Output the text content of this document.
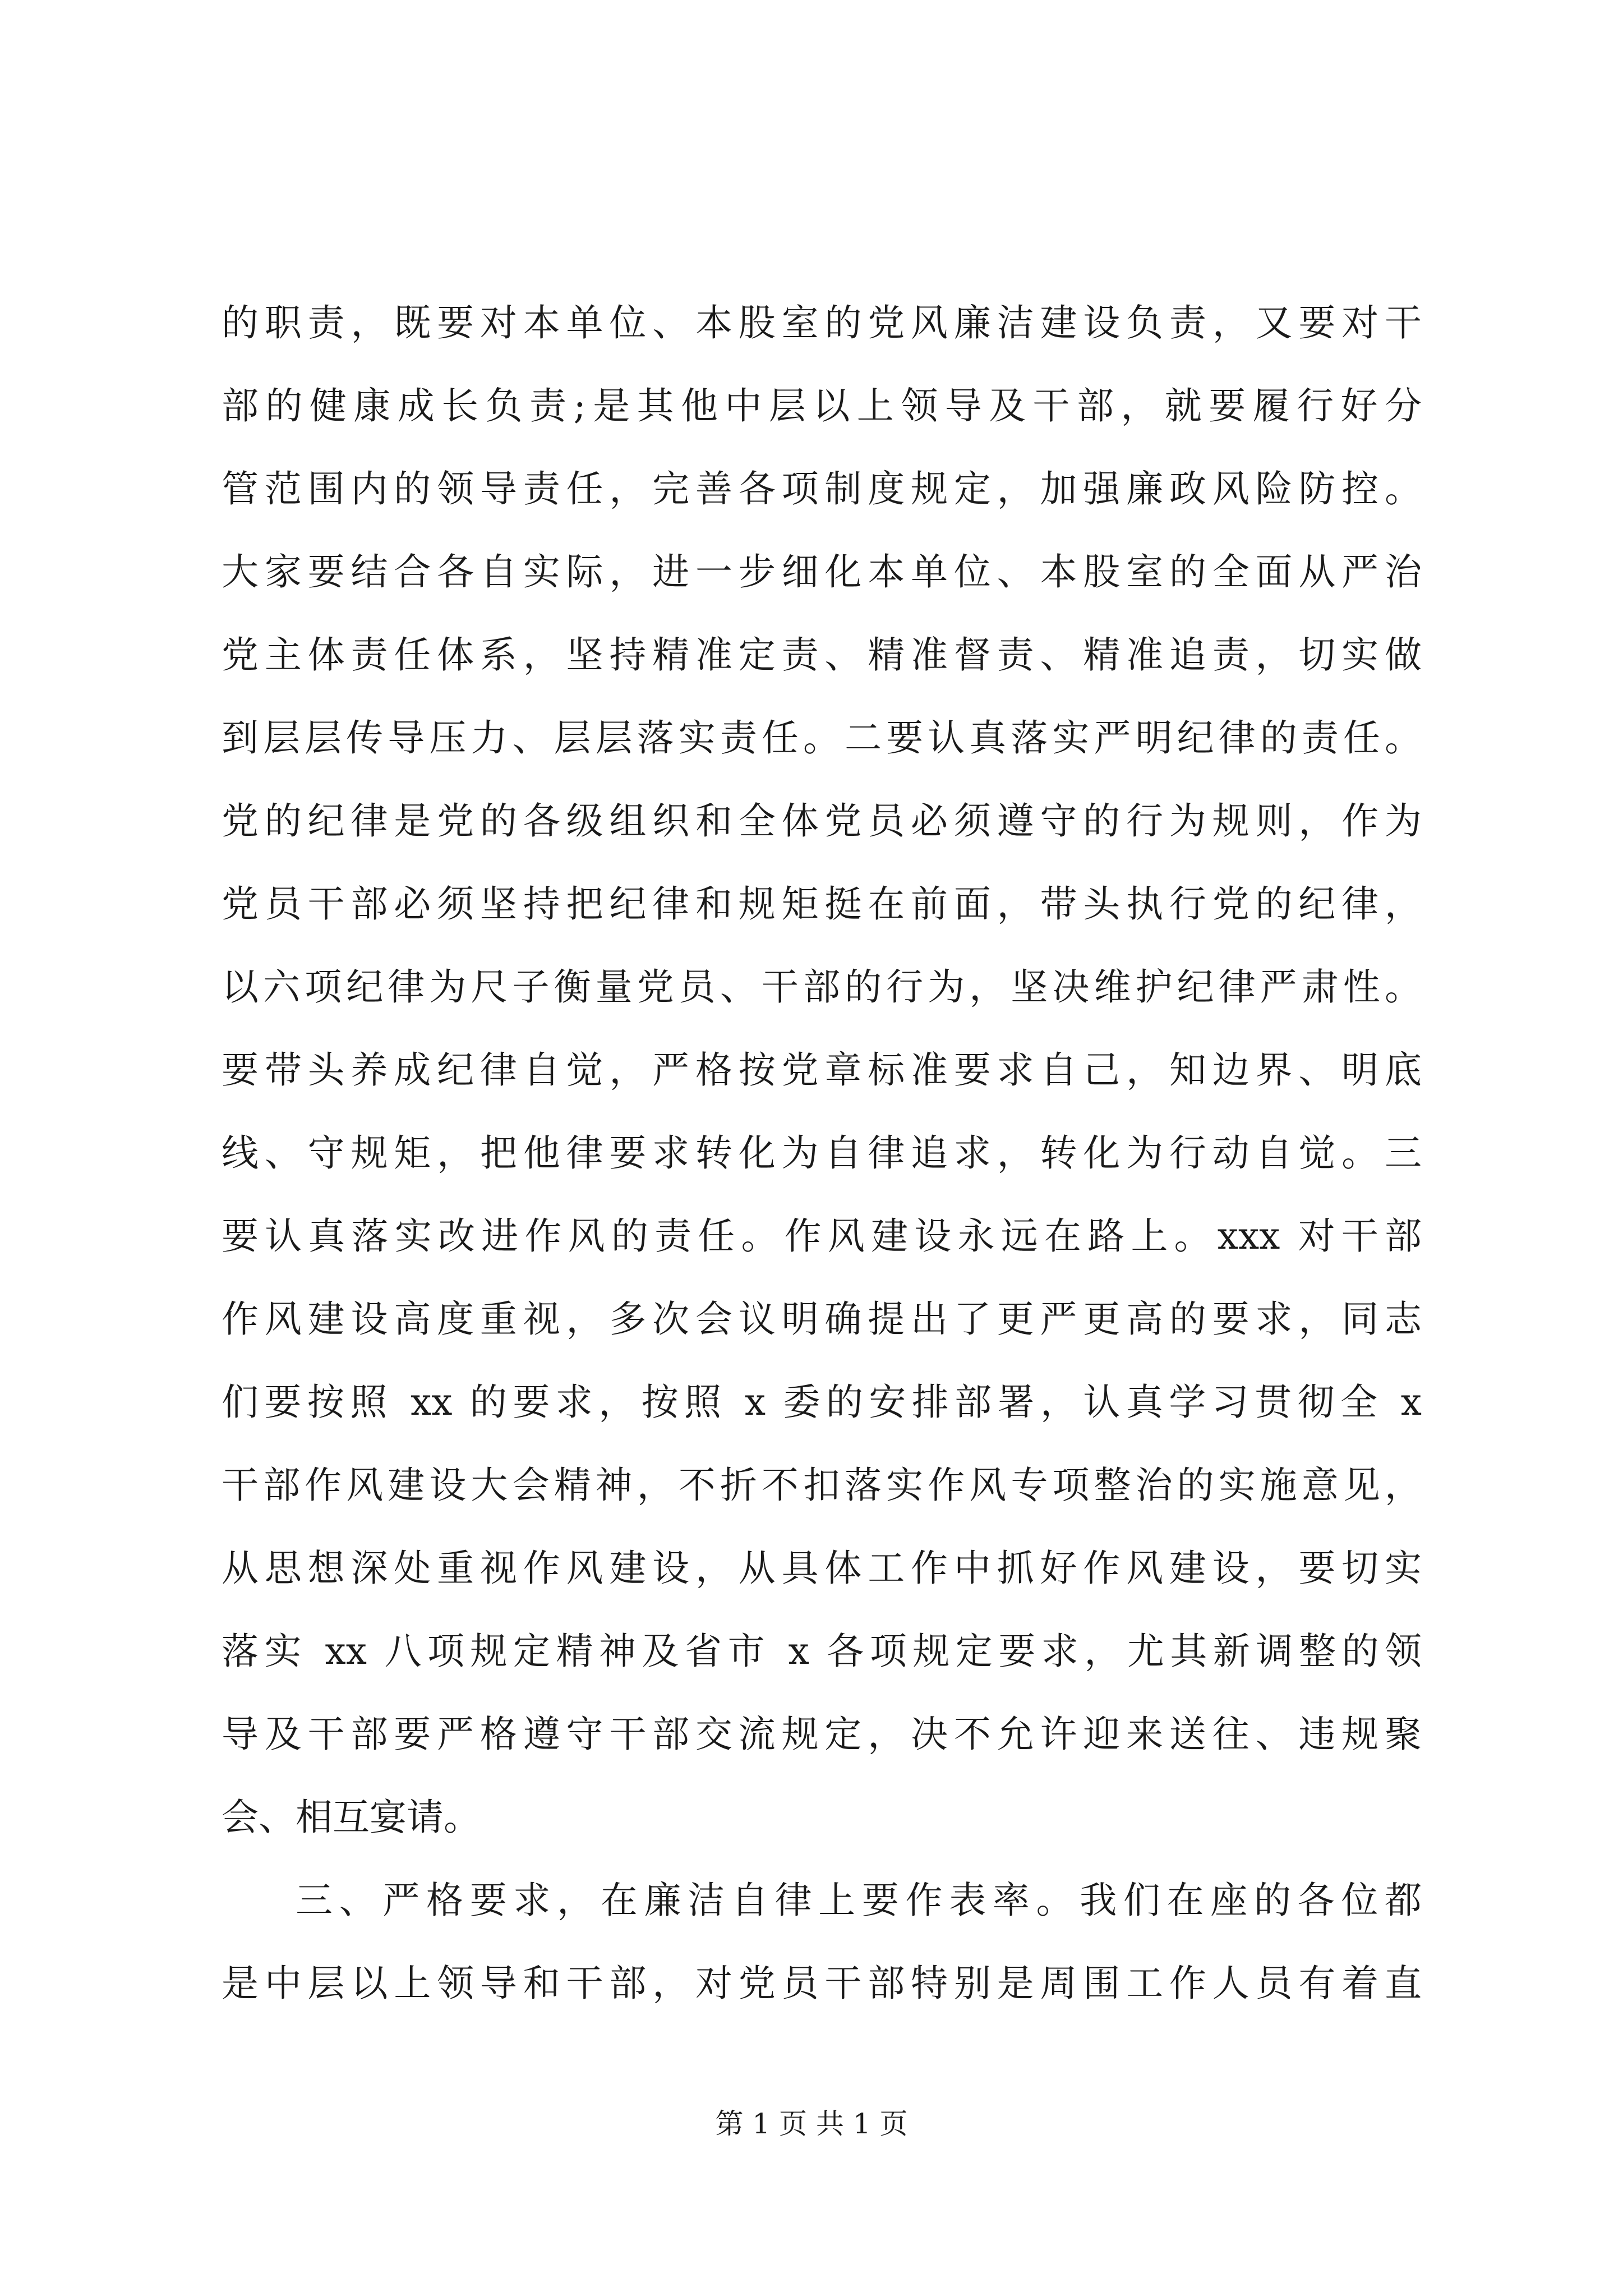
的职责，既要对本单位、本股室的党风廉洁建设负责，又要对干
部的健康成长负责;是其他中层以上领导及干部，就要履行好分
管范围内的领导责任，完善各项制度规定，加强廉政风险防控。
大家要结合各自实际，进一步细化本单位、本股室的全面从严治
党主体责任体系，坚持精准定责、精准督责、精准追责，切实做
到层层传导压力、层层落实责任。二要认真落实严明纪律的责任。
党的纪律是党的各级组织和全体党员必须遵守的行为规则，作为
党员干部必须坚持把纪律和规矩挺在前面，带头执行党的纪律，
以六项纪律为尺子衡量党员、干部的行为，坚决维护纪律严肃性。
要带头养成纪律自觉，严格按党章标准要求自己，知边界、明底
线、守规矩，把他律要求转化为自律追求，转化为行动自觉。三
要认真落实改进作风的责任。作风建设永远在路上。xxx 对干部
作风建设高度重视，多次会议明确提出了更严更高的要求，同志
们要按照 xx 的要求，按照 x 委的安排部署，认真学习贯彻全 x
干部作风建设大会精神，不折不扣落实作风专项整治的实施意见，
从思想深处重视作风建设，从具体工作中抓好作风建设，要切实
落实 xx 八项规定精神及省市 x 各项规定要求，尤其新调整的领
导及干部要严格遵守干部交流规定，决不允许迎来送往、违规聚
会、相互宴请。
三、严格要求，在廉洁自律上要作表率。我们在座的各位都
是中层以上领导和干部，对党员干部特别是周围工作人员有着直
第 1 页 共 1 页
